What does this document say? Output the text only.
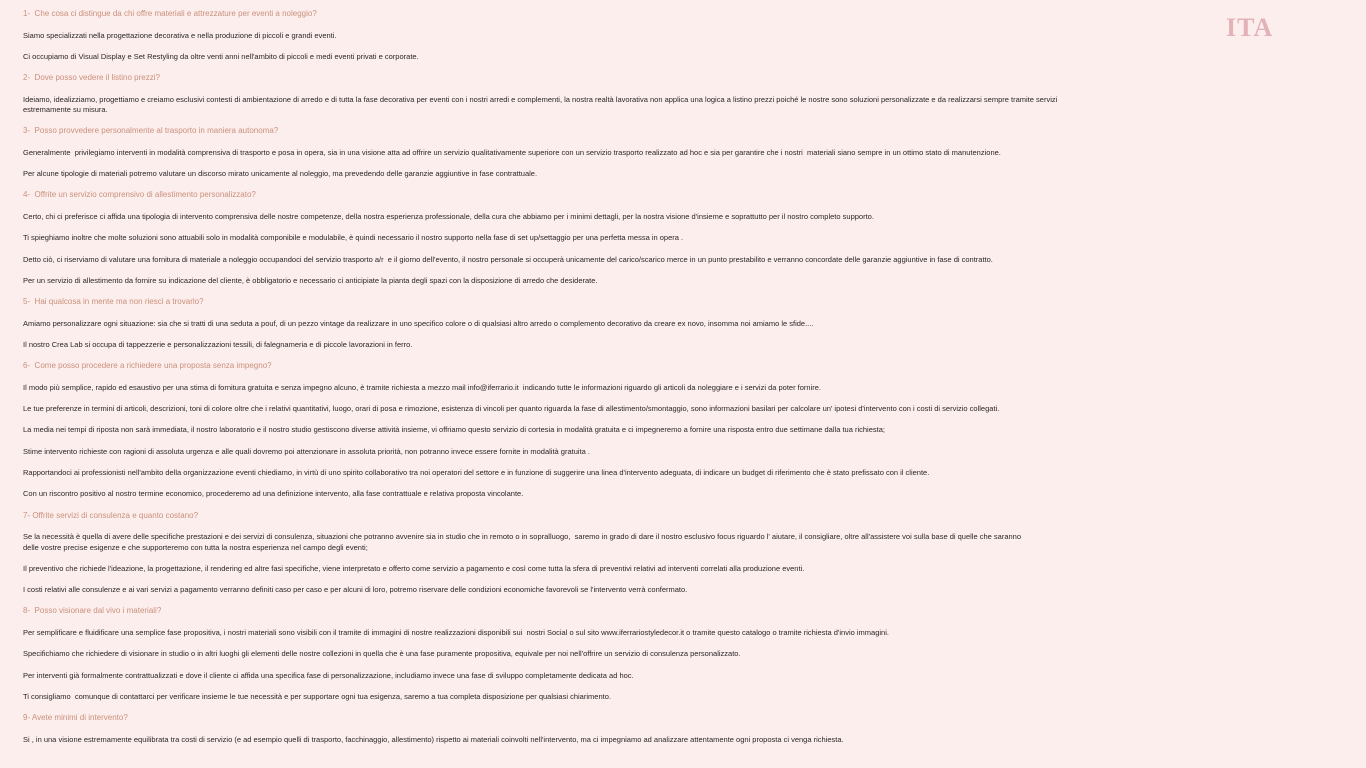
ITA
1-  Che cosa ci distingue da chi offre materiali e attrezzature per eventi a noleggio?
Siamo specializzati nella progettazione decorativa e nella produzione di piccoli e grandi eventi.
Ci occupiamo di Visual Display e Set Restyling da oltre venti anni nell'ambito di piccoli e medi eventi privati e corporate.
2-  Dove posso vedere il listino prezzi?
Ideiamo, idealizziamo, progettiamo e creiamo esclusivi contesti di ambientazione di arredo e di tutta la fase decorativa per eventi con i nostri arredi e complementi, la nostra realtà lavorativa non applica una logica a listino prezzi poiché le nostre sono soluzioni personalizzate e da realizzarsi sempre tramite servizi
estremamente su misura.
3-  Posso provvedere personalmente al trasporto in maniera autonoma?
Generalmente  privilegiamo interventi in modalità comprensiva di trasporto e posa in opera, sia in una visione atta ad offrire un servizio qualitativamente superiore con un servizio trasporto realizzato ad hoc e sia per garantire che i nostri  materiali siano sempre in un ottimo stato di manutenzione.
Per alcune tipologie di materiali potremo valutare un discorso mirato unicamente al noleggio, ma prevedendo delle garanzie aggiuntive in fase contrattuale.
4-  Offrite un servizio comprensivo di allestimento personalizzato?
Certo, chi ci preferisce ci affida una tipologia di intervento comprensiva delle nostre competenze, della nostra esperienza professionale, della cura che abbiamo per i minimi dettagli, per la nostra visione d'insieme e soprattutto per il nostro completo supporto.
Ti spieghiamo inoltre che molte soluzioni sono attuabili solo in modalità componibile e modulabile, è quindi necessario il nostro supporto nella fase di set up/settaggio per una perfetta messa in opera .
Detto ciò, ci riserviamo di valutare una fornitura di materiale a noleggio occupandoci del servizio trasporto a/r  e il giorno dell'evento, il nostro personale si occuperà unicamente del carico/scarico merce in un punto prestabilito e verranno concordate delle garanzie aggiuntive in fase di contratto.
Per un servizio di allestimento da fornire su indicazione del cliente, è obbligatorio e necessario ci anticipiate la pianta degli spazi con la disposizione di arredo che desiderate.
5-  Hai qualcosa in mente ma non riesci a trovarlo?
Amiamo personalizzare ogni situazione: sia che si tratti di una seduta a pouf, di un pezzo vintage da realizzare in uno specifico colore o di qualsiasi altro arredo o complemento decorativo da creare ex novo, insomma noi amiamo le sfide....
Il nostro Crea Lab si occupa di tappezzerie e personalizzazioni tessili, di falegnameria e di piccole lavorazioni in ferro.
6-  Come posso procedere a richiedere una proposta senza impegno?
Il modo più semplice, rapido ed esaustivo per una stima di fornitura gratuita e senza impegno alcuno, è tramite richiesta a mezzo mail info@iferrario.it  indicando tutte le informazioni riguardo gli articoli da noleggiare e i servizi da poter fornire.
Le tue preferenze in termini di articoli, descrizioni, toni di colore oltre che i relativi quantitativi, luogo, orari di posa e rimozione, esistenza di vincoli per quanto riguarda la fase di allestimento/smontaggio, sono informazioni basilari per calcolare un' ipotesi d'intervento con i costi di servizio collegati.
La media nei tempi di riposta non sarà immediata, il nostro laboratorio e il nostro studio gestiscono diverse attività insieme, vi offriamo questo servizio di cortesia in modalità gratuita e ci impegneremo a fornire una risposta entro due settimane dalla tua richiesta;
Stime intervento richieste con ragioni di assoluta urgenza e alle quali dovremo poi attenzionare in assoluta priorità, non potranno invece essere fornite in modalità gratuita .
Rapportandoci ai professionisti nell'ambito della organizzazione eventi chiediamo, in virtù di uno spirito collaborativo tra noi operatori del settore e in funzione di suggerire una linea d'intervento adeguata, di indicare un budget di riferimento che è stato prefissato con il cliente.
Con un riscontro positivo al nostro termine economico, procederemo ad una definizione intervento, alla fase contrattuale e relativa proposta vincolante.
7- Offrite servizi di consulenza e quanto costano?
Se la necessità è quella di avere delle specifiche prestazioni e dei servizi di consulenza, situazioni che potranno avvenire sia in studio che in remoto o in sopralluogo,  saremo in grado di dare il nostro esclusivo focus riguardo l' aiutare, il consigliare, oltre all'assistere voi sulla base di quelle che saranno
delle vostre precise esigenze e che supporteremo con tutta la nostra esperienza nel campo degli eventi;
Il preventivo che richiede l'ideazione, la progettazione, il rendering ed altre fasi specifiche, viene interpretato e offerto come servizio a pagamento e così come tutta la sfera di preventivi relativi ad interventi correlati alla produzione eventi.
I costi relativi alle consulenze e ai vari servizi a pagamento verranno definiti caso per caso e per alcuni di loro, potremo riservare delle condizioni economiche favorevoli se l'intervento verrà confermato.
8-  Posso visionare dal vivo i materiali?
Per semplificare e fluidificare una semplice fase propositiva, i nostri materiali sono visibili con il tramite di immagini di nostre realizzazioni disponibili sui  nostri Social o sul sito www.iferrariostyledecor.it o tramite questo catalogo o tramite richiesta d'invio immagini.
Specifichiamo che richiedere di visionare in studio o in altri luoghi gli elementi delle nostre collezioni in quella che è una fase puramente propositiva, equivale per noi nell'offrire un servizio di consulenza personalizzato.
Per interventi già formalmente contrattualizzati e dove il cliente ci affida una specifica fase di personalizzazione, includiamo invece una fase di sviluppo completamente dedicata ad hoc.
Ti consigliamo  comunque di contattarci per verificare insieme le tue necessità e per supportare ogni tua esigenza, saremo a tua completa disposizione per qualsiasi chiarimento.
9- Avete minimi di intervento?
Si , in una visione estremamente equilibrata tra costi di servizio (e ad esempio quelli di trasporto, facchinaggio, allestimento) rispetto ai materiali coinvolti nell'intervento, ma ci impegniamo ad analizzare attentamente ogni proposta ci venga richiesta.
